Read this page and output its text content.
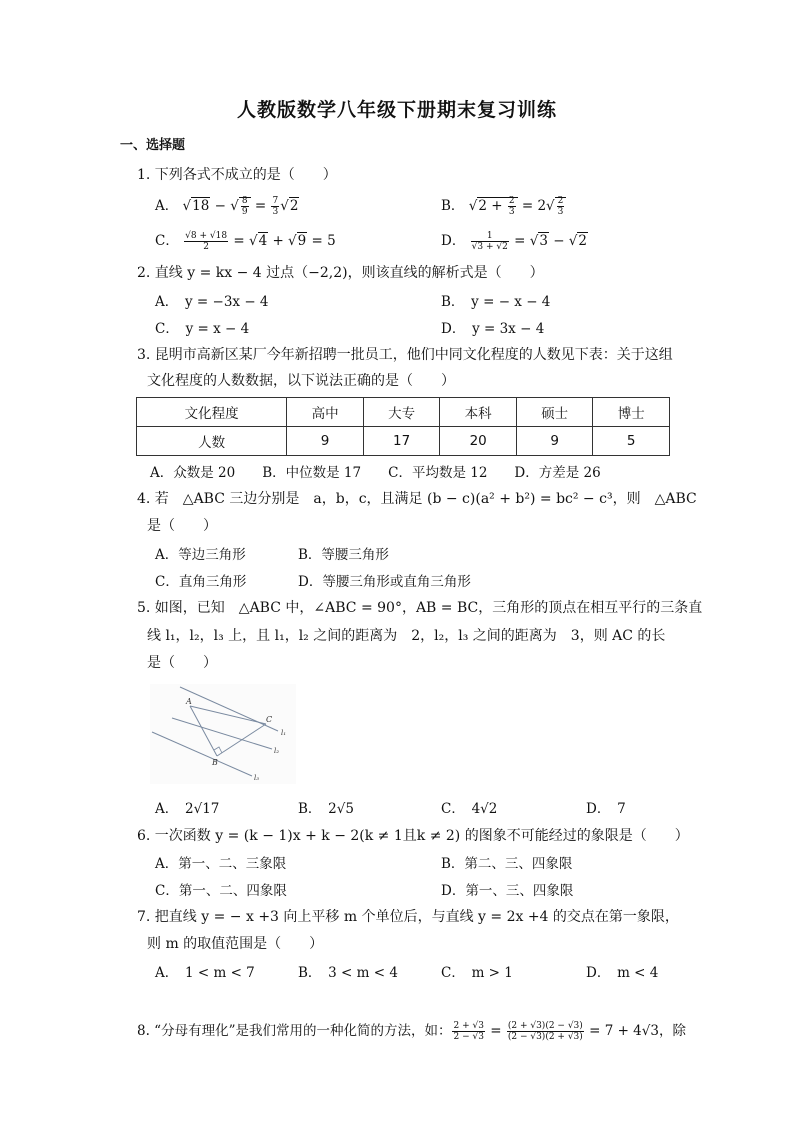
人教版数学八年级下册期末复习训练
一、选择题
1. 下列各式不成立的是（　　）
A． √18 − √ $\frac{8}{9} = \frac{7}{3} √2$	B． $√2 + \frac{2}{3} = 2√ \frac{2}{3}$
C． $\frac{√8 + √18}{2} = √4 + √9 = 5$	D． $\frac{1}{√3 + √2} = √3 - √2$
2. 直线 y = kx − 4 过点（−2,2)，则该直线的解析式是（　　）
A．　y = −3x − 4	B．　y = − x − 4
C．　y = x − 4	D．　y = 3x − 4
3. 昆明市高新区某厂今年新招聘一批员工，他们中同文化程度的人数见下表：关于这组
文化程度的人数数据，以下说法正确的是（　　）
文化程度	高中	大专	本科	硕士	博士
人数	9	17	20	9	5
A．众数是 20　　B．中位数是 17　　C．平均数是 12　　D．方差是 26
4. 若　△ABC 三边分别是　a，b，c，且满足 (b − c)(a² + b²) = bc² − c³，则　△ABC
是（　　）
A．等边三角形	B．等腰三角形
C．直角三角形	D．等腰三角形或直角三角形
5. 如图，已知　△ABC 中，∠ABC = 90°，AB = BC，三角形的顶点在相互平行的三条直
线 l₁，l₂，l₃ 上，且 l₁，l₂ 之间的距离为　2，l₂，l₃ 之间的距离为　3，则 AC 的长
是（　　）
A
B
C
l₁
l₂
l₃
A．　2√17	B．　2√5	C．　4√2	D．　7
6. 一次函数 y = (k − 1)x + k − 2(k ≠ 1且k ≠ 2) 的图象不可能经过的象限是（　　）
A．第一、二、三象限	B．第二、三、四象限
C．第一、二、四象限	D．第一、三、四象限
7. 把直线 y = − x +3 向上平移 m 个单位后，与直线 y = 2x +4 的交点在第一象限，
则 m 的取值范围是（　　）
A．　1 < m < 7	B．　3 < m < 4	C．　m > 1	D．　m < 4
8. “分母有理化”是我们常用的一种化简的方法，如： $\frac{2 + √3}{2 - √3} = \frac{(2 + √3)(2 - √3)}{(2 - √3)(2 + √3)} = 7 + 4√3$，除
